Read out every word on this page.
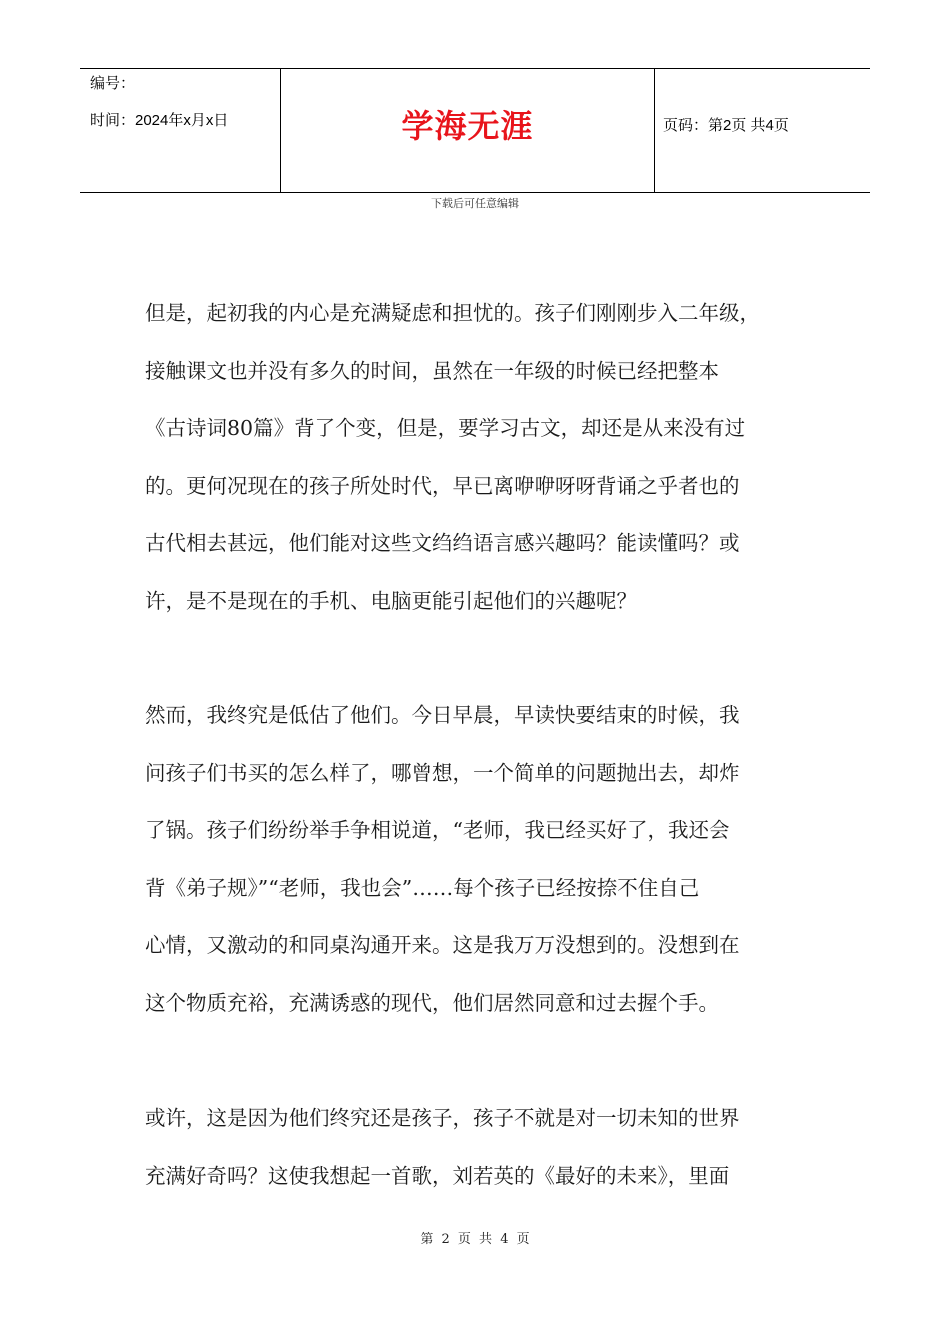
编号：
时间：2024年x月x日	学海无涯	页码：第2页 共4页
下载后可任意编辑

但是，起初我的内心是充满疑虑和担忧的。孩子们刚刚步入二年级，
接触课文也并没有多久的时间，虽然在一年级的时候已经把整本
《古诗词80篇》背了个变，但是，要学习古文，却还是从来没有过
的。更何况现在的孩子所处时代，早已离咿咿呀呀背诵之乎者也的
古代相去甚远，他们能对这些文绉绉语言感兴趣吗？能读懂吗？或
许，是不是现在的手机、电脑更能引起他们的兴趣呢？

然而，我终究是低估了他们。今日早晨，早读快要结束的时候，我
问孩子们书买的怎么样了，哪曾想，一个简单的问题抛出去，却炸
了锅。孩子们纷纷举手争相说道，“老师，我已经买好了，我还会
背《弟子规》”“老师，我也会”……每个孩子已经按捺不住自己
心情，又激动的和同桌沟通开来。这是我万万没想到的。没想到在
这个物质充裕，充满诱惑的现代，他们居然同意和过去握个手。

或许，这是因为他们终究还是孩子，孩子不就是对一切未知的世界
充满好奇吗？这使我想起一首歌，刘若英的《最好的未来》，里面

第 2 页 共 4 页
